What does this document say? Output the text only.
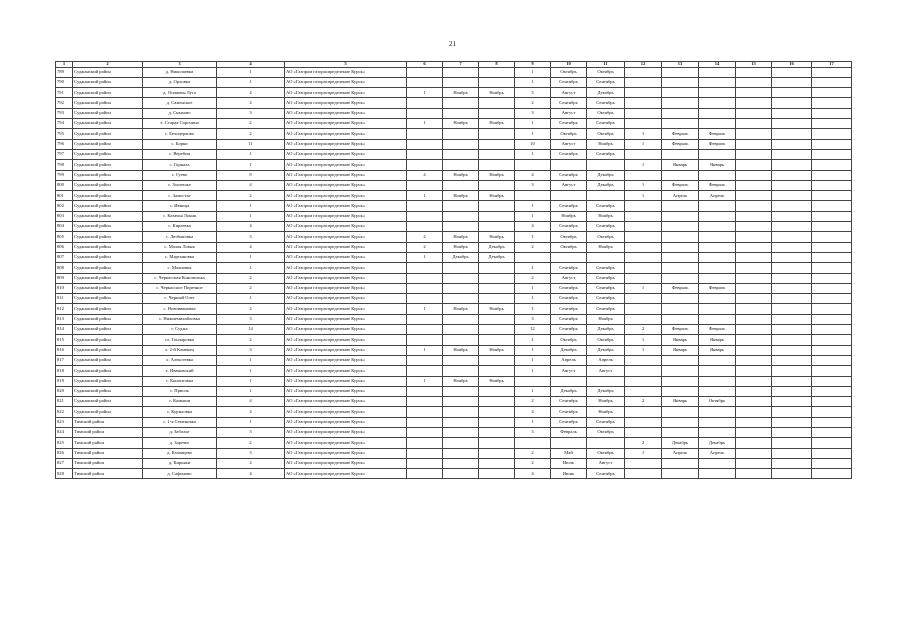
21
1	2	3	4	5	6	7	8	9	10	11	12	13	14	15	16	17
789	Суджанский район	д. Николаевка	1	АО «Газпром газораспределение Курск»				1	Октябрь	Октябрь						
790	Суджанский район	д. Орловка	1	АО «Газпром газораспределение Курск»				1	Сентябрь	Сентябрь						
791	Суджанский район	д. Осиновы Луга	4	АО «Газпром газораспределение Курск»	1	Ноябрь	Ноябрь	3	Август	Декабрь						
792	Суджанский район	д. Саженское	2	АО «Газпром газораспределение Курск»				2	Сентябрь	Сентябрь						
793	Суджанский район	д. Сныхово	3	АО «Газпром газораспределение Курск»				3	Август	Октябрь						
794	Суджанский район	х. Старая Сорочина	2	АО «Газпром газораспределение Курск»	1	Ноябрь	Ноябрь	1	Сентябрь	Сентябрь						
795	Суджанский район	с. Белоцерково	2	АО «Газпром газораспределение Курск»				1	Октябрь	Октябрь	1	Февраль	Февраль			
796	Суджанский район	с. Борки	11	АО «Газпром газораспределение Курск»				10	Август	Ноябрь	1	Февраль	Февраль			
797	Суджанский район	с. Веребин	1	АО «Газпром газораспределение Курск»				1	Сентябрь	Сентябрь						
798	Суджанский район	с. Горналь	1	АО «Газпром газораспределение Курск»							1	Январь	Январь			
799	Суджанский район	с. Гуево	8	АО «Газпром газораспределение Курск»	4	Ноябрь	Ноябрь	4	Сентябрь	Декабрь						
800	Суджанский район	с. Заолешье	4	АО «Газпром газораспределение Курск»				3	Август	Декабрь	1	Февраль	Февраль			
801	Суджанский район	с. Замостье	2	АО «Газпром газораспределение Курск»	1	Ноябрь	Ноябрь				1	Апрель	Апрель			
802	Суджанский район	с. Ивница	1	АО «Газпром газораспределение Курск»				1	Сентябрь	Сентябрь						
803	Суджанский район	с. Казачья Локня	1	АО «Газпром газораспределение Курск»				1	Ноябрь	Ноябрь						
804	Суджанский район	с. Киреевка	4	АО «Газпром газораспределение Курск»				4	Сентябрь	Сентябрь						
805	Суджанский район	с. Любимовка	3	АО «Газпром газораспределение Курск»	2	Ноябрь	Ноябрь	1	Октябрь	Октябрь						
806	Суджанский район	с. Малая Локня	4	АО «Газпром газораспределение Курск»	2	Ноябрь	Декабрь	2	Октябрь	Ноябрь						
807	Суджанский район	с. Мартыновка	1	АО «Газпром газораспределение Курск»	1	Декабрь	Декабрь									
808	Суджанский район	с. Махновка	1	АО «Газпром газораспределение Курск»				1	Сентябрь	Сентябрь						
809	Суджанский район	с. Черкасская Конопелька	2	АО «Газпром газораспределение Курск»				2	Август	Сентябрь						
810	Суджанский район	с. Черкасское Поречное	2	АО «Газпром газораспределение Курск»				1	Сентябрь	Сентябрь	1	Февраль	Февраль			
811	Суджанский район	с. Черный Олег	1	АО «Газпром газораспределение Курск»				1	Сентябрь	Сентябрь						
812	Суджанский район	с. Новоивановка	2	АО «Газпром газораспределение Курск»	1	Ноябрь	Ноябрь	1	Сентябрь	Сентябрь						
813	Суджанский район	с. Нижнемихайловка	3	АО «Газпром газораспределение Курск»				3	Сентябрь	Ноябрь						
814	Суджанский район	г. Суджа	14	АО «Газпром газораспределение Курск»				12	Сентябрь	Декабрь	2	Февраль	Февраль			
815	Суджанский район	сл. Гончаровка	2	АО «Газпром газораспределение Курск»				1	Октябрь	Октябрь	1	Январь	Январь			
816	Суджанский район	х. 2-й Каменец	3	АО «Газпром газораспределение Курск»	1	Ноябрь	Ноябрь	1	Декабрь	Декабрь	1	Январь	Январь			
817	Суджанский район	х. Алексеевка	1	АО «Газпром газораспределение Курск»				1	Апрель	Апрель						
818	Суджанский район	х. Ивановский	1	АО «Газпром газораспределение Курск»				1	Август	Август						
819	Суджанский район	с. Конопелька	1	АО «Газпром газораспределение Курск»	1	Ноябрь	Ноябрь									
820	Суджанский район	с. Приоль	1	АО «Газпром газораспределение Курск»				1	Декабрь	Декабрь						
821	Суджанский район	с. Камыши	4	АО «Газпром газораспределение Курск»				2	Сентябрь	Ноябрь	2	Январь	Октябрь			
822	Суджанский район	с. Куриловка	4	АО «Газпром газораспределение Курск»				4	Сентябрь	Ноябрь						
823	Тимский район	с. 1-я Семеновка	1	АО «Газпром газораспределение Курск»				1	Сентябрь	Сентябрь						
824	Тимский район	д. Заболье	3	АО «Газпром газораспределение Курск»				3	Февраль	Октябрь						
825	Тимский район	д. Заречье	2	АО «Газпром газораспределение Курск»							2	Декабрь	Декабрь			
826	Тимский район	д. Казанцево	3	АО «Газпром газораспределение Курск»				2	Май	Октябрь	1	Апрель	Апрель			
827	Тимский район	д. Кирьяки	2	АО «Газпром газораспределение Курск»				2	Июль	Август						
828	Тимский район	д. Сафоново	4	АО «Газпром газораспределение Курск»				4	Июнь	Сентябрь						
